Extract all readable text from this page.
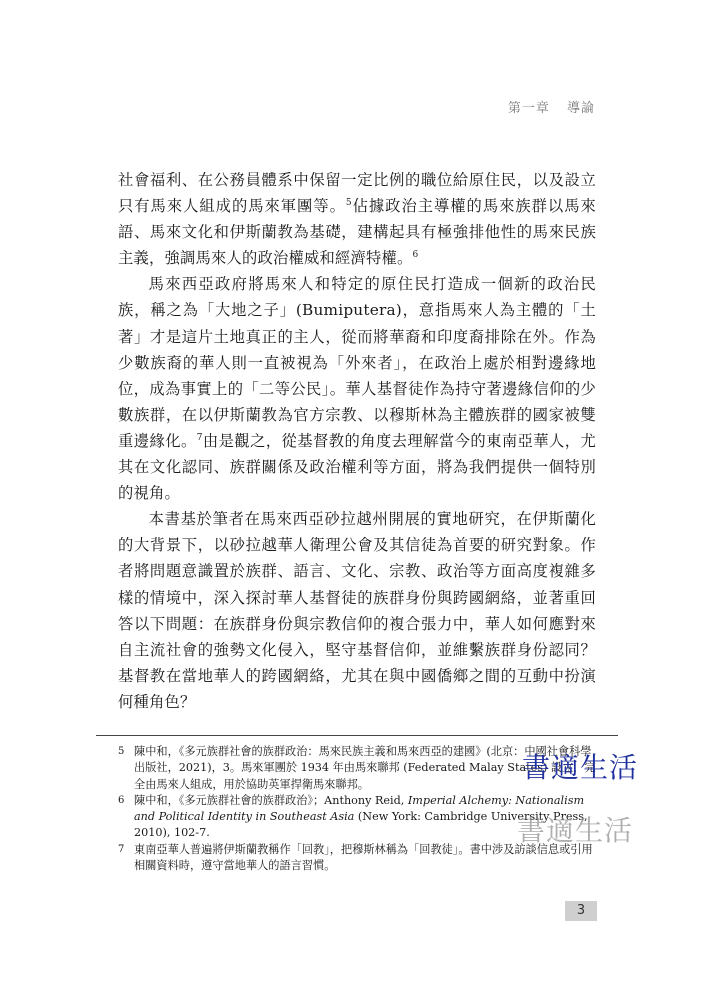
第一章 導論

社會福利、在公務員體系中保留一定比例的職位給原住民，以及設立只有馬來人組成的馬來軍團等。$^5$佔據政治主導權的馬來族群以馬來語、馬來文化和伊斯蘭教為基礎，建構起具有極強排他性的馬來民族主義，強調馬來人的政治權威和經濟特權。$^6$

馬來西亞政府將馬來人和特定的原住民打造成一個新的政治民族，稱之為「大地之子」(Bumiputera)，意指馬來人為主體的「土著」才是這片土地真正的主人，從而將華裔和印度裔排除在外。作為少數族裔的華人則一直被視為「外來者」，在政治上處於相對邊緣地位，成為事實上的「二等公民」。華人基督徒作為持守著邊緣信仰的少數族群，在以伊斯蘭教為官方宗教、以穆斯林為主體族群的國家被雙重邊緣化。$^7$由是觀之，從基督教的角度去理解當今的東南亞華人，尤其在文化認同、族群關係及政治權利等方面，將為我們提供一個特別的視角。

本書基於筆者在馬來西亞砂拉越州開展的實地研究，在伊斯蘭化的大背景下，以砂拉越華人衛理公會及其信徒為首要的研究對象。作者將問題意識置於族群、語言、文化、宗教、政治等方面高度複雜多樣的情境中，深入探討華人基督徒的族群身份與跨國網絡，並著重回答以下問題：在族群身份與宗教信仰的複合張力中，華人如何應對來自主流社會的強勢文化侵入，堅守基督信仰，並維繫族群身份認同？基督教在當地華人的跨國網絡，尤其在與中國僑鄉之間的互動中扮演何種角色？

5 陳中和，《多元族群社會的族群政治：馬來民族主義和馬來西亞的建國》(北京：中國社會科學出版社，2021)，3。馬來軍團於 1934 年由馬來聯邦 (Federated Malay States) 設立，完全由馬來人組成，用於協助英軍捍衛馬來聯邦。
6 陳中和，《多元族群社會的族群政治》；Anthony Reid, Imperial Alchemy: Nationalism and Political Identity in Southeast Asia (New York: Cambridge University Press, 2010), 102-7.
7 東南亞華人普遍將伊斯蘭教稱作「回教」，把穆斯林稱為「回教徒」。書中涉及訪談信息或引用相關資料時，遵守當地華人的語言習慣。
書適生活
書適生活
3
